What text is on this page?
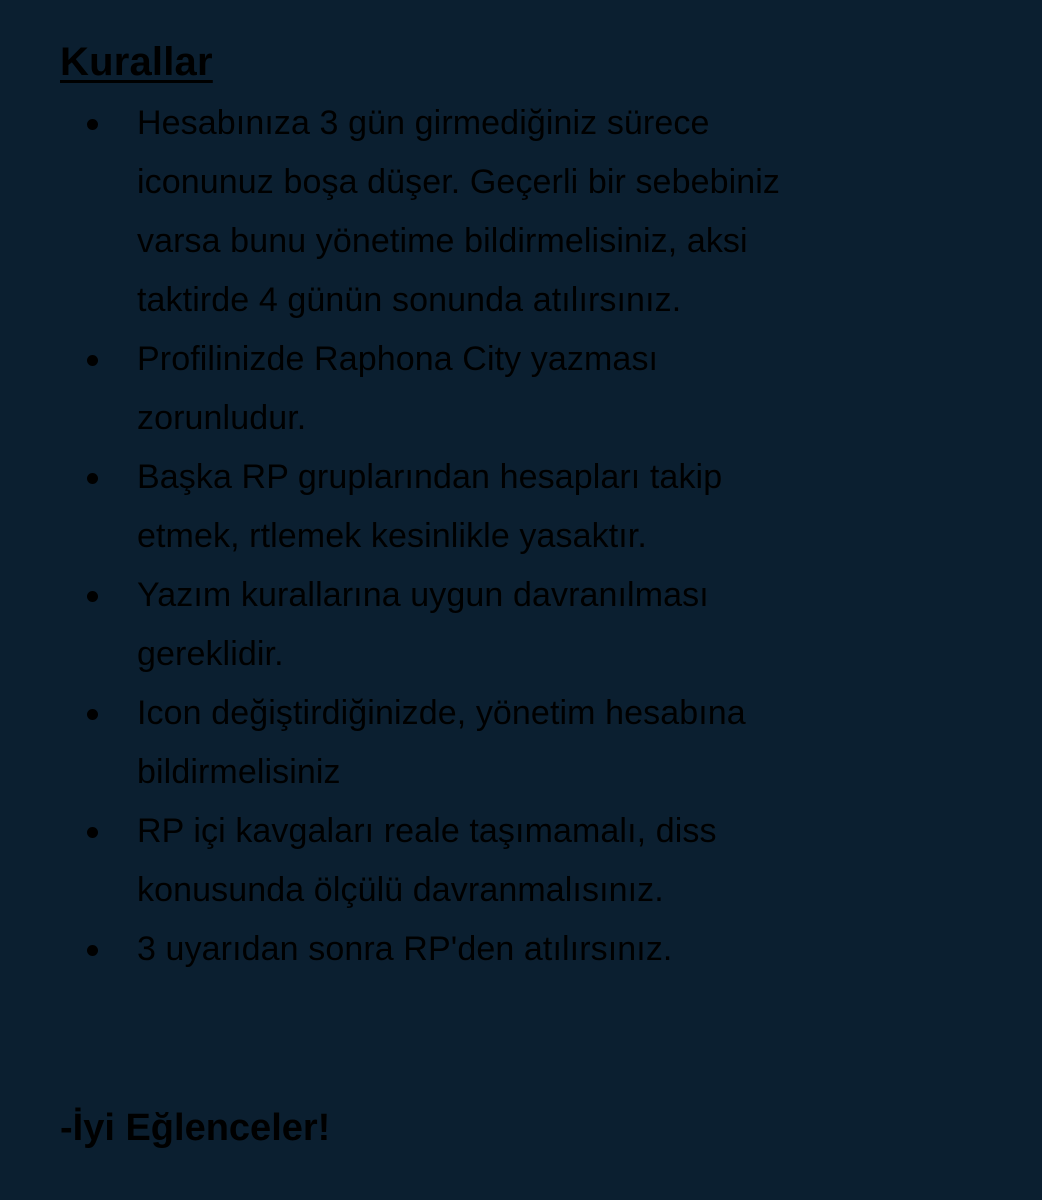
Kurallar
Hesabınıza 3 gün girmediğiniz sürece iconunuz boşa düşer. Geçerli bir sebebiniz varsa bunu yönetime bildirmelisiniz, aksi taktirde 4 günün sonunda atılırsınız.
Profilinizde Raphona City yazması zorunludur.
Başka RP gruplarından hesapları takip etmek, rtlemek kesinlikle yasaktır.
Yazım kurallarına uygun davranılması gereklidir.
Icon değiştirdiğinizde, yönetim hesabına bildirmelisiniz
RP içi kavgaları reale taşımamalı, diss konusunda ölçülü davranmalısınız.
3 uyarıdan sonra RP'den atılırsınız.

-İyi Eğlenceler!
